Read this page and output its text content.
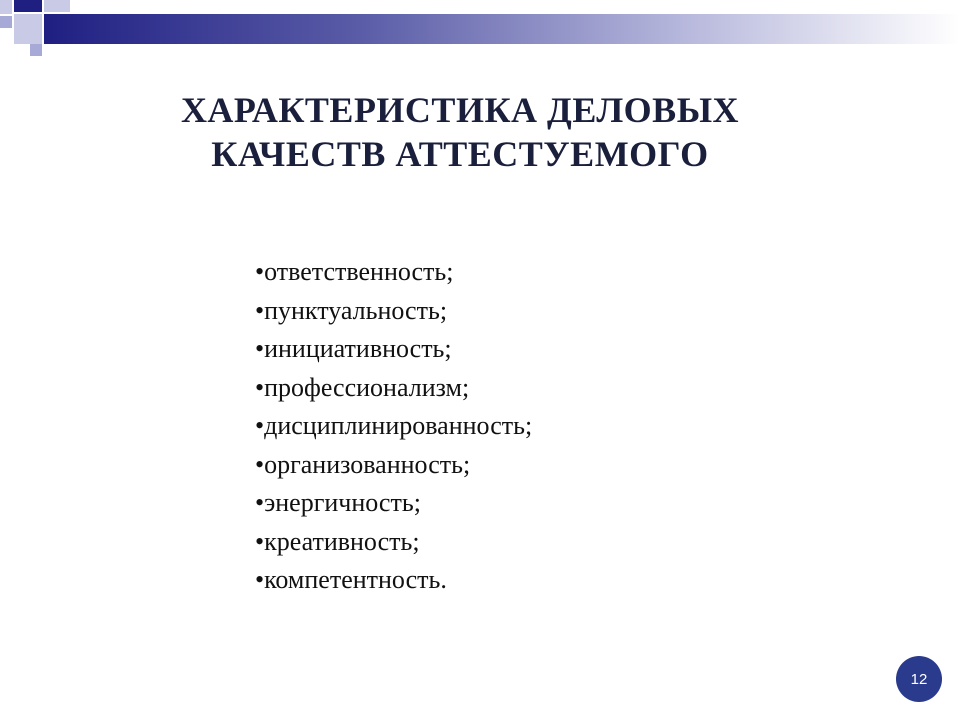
ХАРАКТЕРИСТИКА ДЕЛОВЫХ
КАЧЕСТВ АТТЕСТУЕМОГО
•ответственность;
•пунктуальность;
•инициативность;
•профессионализм;
•дисциплинированность;
•организованность;
•энергичность;
•креативность;
•компетентность.
12
